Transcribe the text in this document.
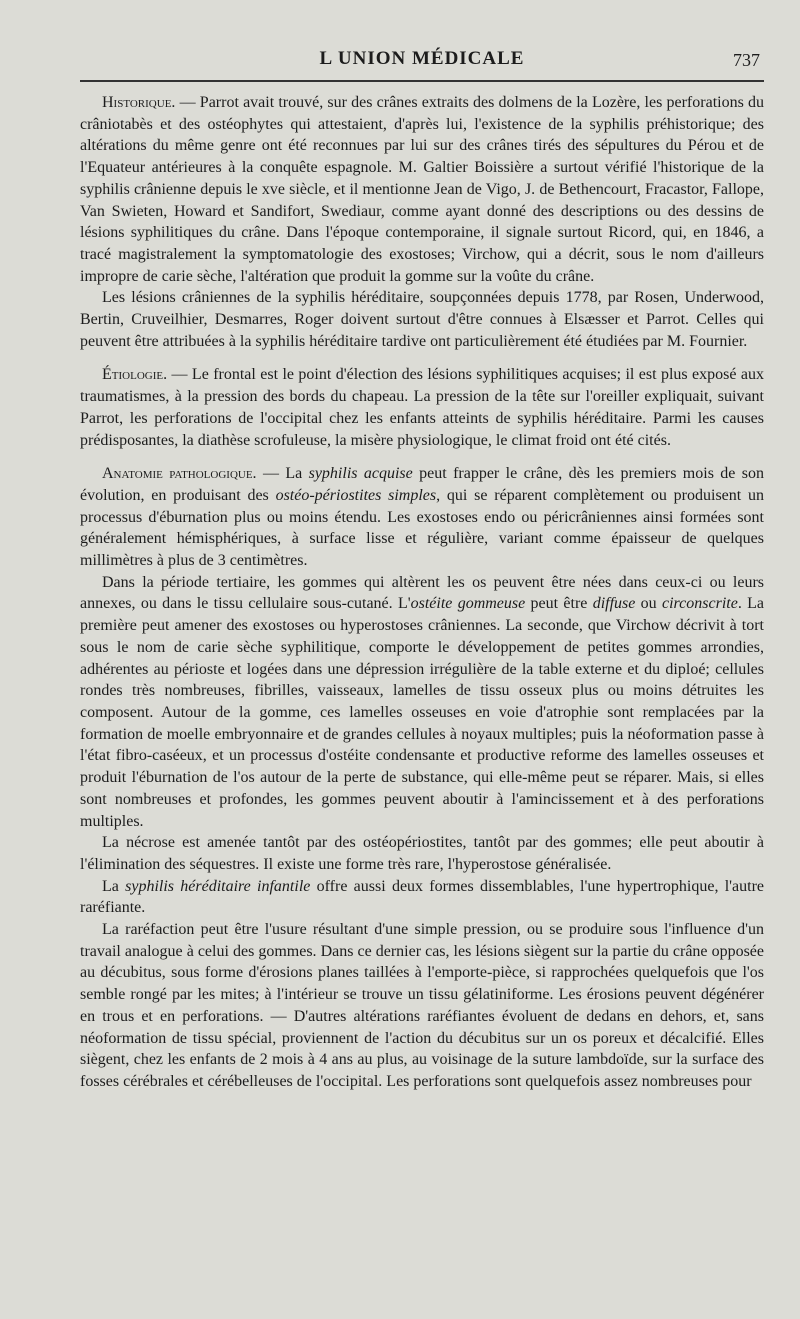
L UNION MÉDICALE	737

Historique. — Parrot avait trouvé, sur des crânes extraits des dolmens de la Lozère, les perforations du crâniotabès et des ostéophytes qui attestaient, d'après lui, l'existence de la syphilis préhistorique; des altérations du même genre ont été reconnues par lui sur des crânes tirés des sépultures du Pérou et de l'Equateur antérieures à la conquête espagnole. M. Galtier Boissière a surtout vérifié l'historique de la syphilis crânienne depuis le xve siècle, et il mentionne Jean de Vigo, J. de Bethencourt, Fracastor, Fallope, Van Swieten, Howard et Sandifort, Swediaur, comme ayant donné des descriptions ou des dessins de lésions syphilitiques du crâne. Dans l'époque contemporaine, il signale surtout Ricord, qui, en 1846, a tracé magistralement la symptomatologie des exostoses; Virchow, qui a décrit, sous le nom d'ailleurs impropre de carie sèche, l'altération que produit la gomme sur la voûte du crâne.

Les lésions crâniennes de la syphilis héréditaire, soupçonnées depuis 1778, par Rosen, Underwood, Bertin, Cruveilhier, Desmarres, Roger doivent surtout d'être connues à Elsæsser et Parrot. Celles qui peuvent être attribuées à la syphilis héréditaire tardive ont particulièrement été étudiées par M. Fournier.

Étiologie. — Le frontal est le point d'élection des lésions syphilitiques acquises; il est plus exposé aux traumatismes, à la pression des bords du chapeau. La pression de la tête sur l'oreiller expliquait, suivant Parrot, les perforations de l'occipital chez les enfants atteints de syphilis héréditaire. Parmi les causes prédisposantes, la diathèse scrofuleuse, la misère physiologique, le climat froid ont été cités.

Anatomie pathologique. — La syphilis acquise peut frapper le crâne, dès les premiers mois de son évolution, en produisant des ostéo-périostites simples, qui se réparent complètement ou produisent un processus d'éburnation plus ou moins étendu. Les exostoses endo ou péricrâniennes ainsi formées sont généralement hémisphériques, à surface lisse et régulière, variant comme épaisseur de quelques millimètres à plus de 3 centimètres.

Dans la période tertiaire, les gommes qui altèrent les os peuvent être nées dans ceux-ci ou leurs annexes, ou dans le tissu cellulaire sous-cutané. L'ostéite gommeuse peut être diffuse ou circonscrite. La première peut amener des exostoses ou hyperostoses crâniennes. La seconde, que Virchow décrivit à tort sous le nom de carie sèche syphilitique, comporte le développement de petites gommes arrondies, adhérentes au périoste et logées dans une dépression irrégulière de la table externe et du diploé; cellules rondes très nombreuses, fibrilles, vaisseaux, lamelles de tissu osseux plus ou moins détruites les composent. Autour de la gomme, ces lamelles osseuses en voie d'atrophie sont remplacées par la formation de moelle embryonnaire et de grandes cellules à noyaux multiples; puis la néoformation passe à l'état fibro-caséeux, et un processus d'ostéite condensante et productive reforme des lamelles osseuses et produit l'éburnation de l'os autour de la perte de substance, qui elle-même peut se réparer. Mais, si elles sont nombreuses et profondes, les gommes peuvent aboutir à l'amincissement et à des perforations multiples.

La nécrose est amenée tantôt par des ostéopériostites, tantôt par des gommes; elle peut aboutir à l'élimination des séquestres. Il existe une forme très rare, l'hyperostose généralisée.

La syphilis héréditaire infantile offre aussi deux formes dissemblables, l'une hypertrophique, l'autre raréfiante.

La raréfaction peut être l'usure résultant d'une simple pression, ou se produire sous l'influence d'un travail analogue à celui des gommes. Dans ce dernier cas, les lésions siègent sur la partie du crâne opposée au décubitus, sous forme d'érosions planes taillées à l'emporte-pièce, si rapprochées quelquefois que l'os semble rongé par les mites; à l'intérieur se trouve un tissu gélatiniforme. Les érosions peuvent dégénérer en trous et en perforations. — D'autres altérations raréfiantes évoluent de dedans en dehors, et, sans néoformation de tissu spécial, proviennent de l'action du décubitus sur un os poreux et décalcifié. Elles siègent, chez les enfants de 2 mois à 4 ans au plus, au voisinage de la suture lambdoïde, sur la surface des fosses cérébrales et cérébelleuses de l'occipital. Les perforations sont quelquefois assez nombreuses pour
